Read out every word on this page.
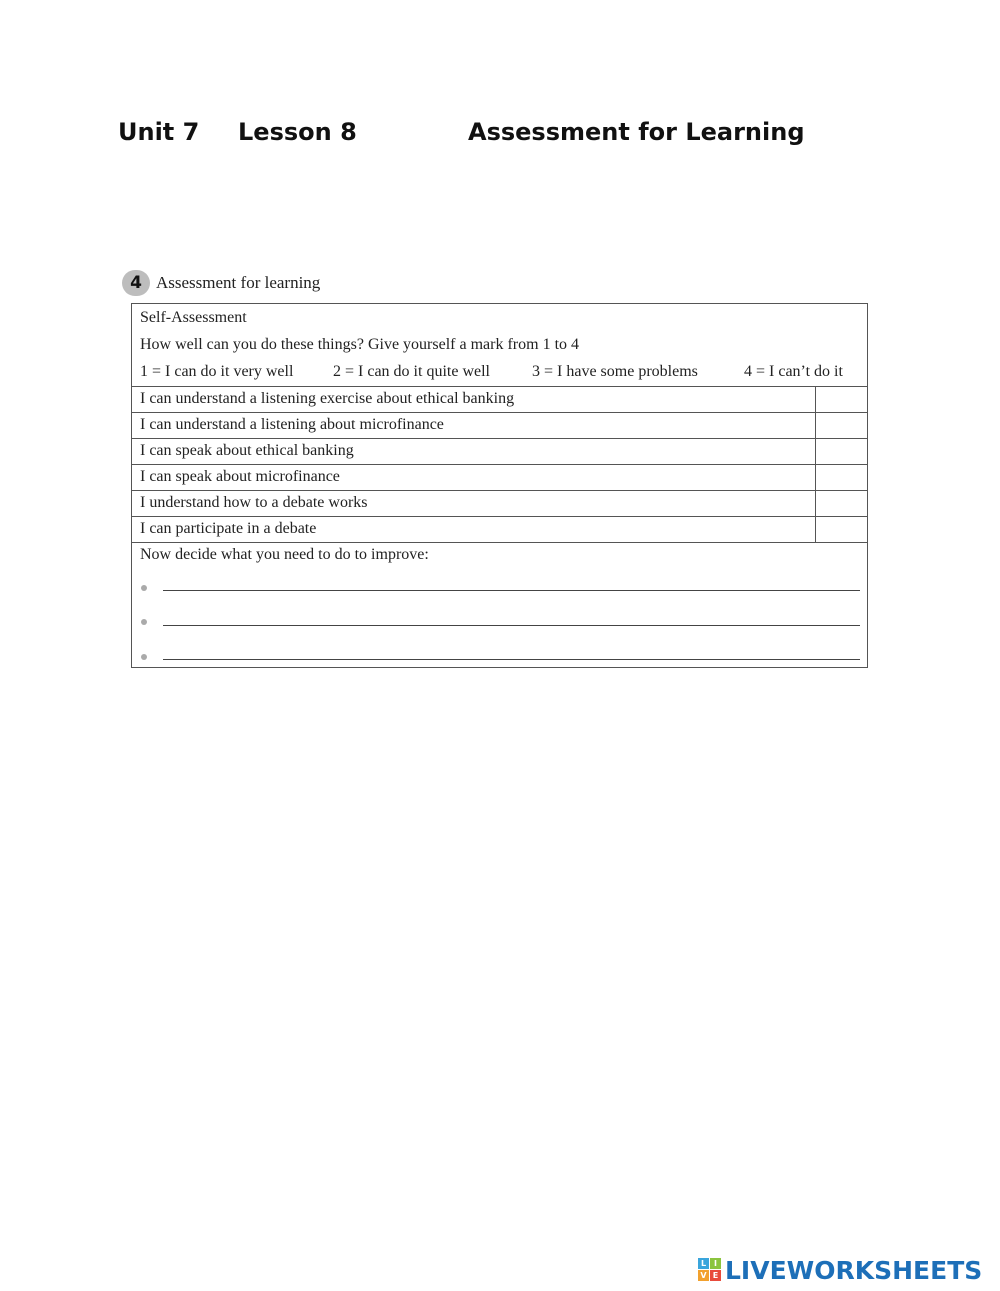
Unit 7 Lesson 8	Assessment for Learning
4 Assessment for learning
Self-Assessment
How well can you do these things? Give yourself a mark from 1 to 4
1 = I can do it very well 2 = I can do it quite well	3 = I have some problems	4 = I can’t do it
I can understand a listening exercise about ethical banking
I can understand a listening about microfinance
I can speak about ethical banking
I can speak about microfinance
I understand how to a debate works
I can participate in a debate
Now decide what you need to do to improve:
L I
V E LIVEWORKSHEETS
